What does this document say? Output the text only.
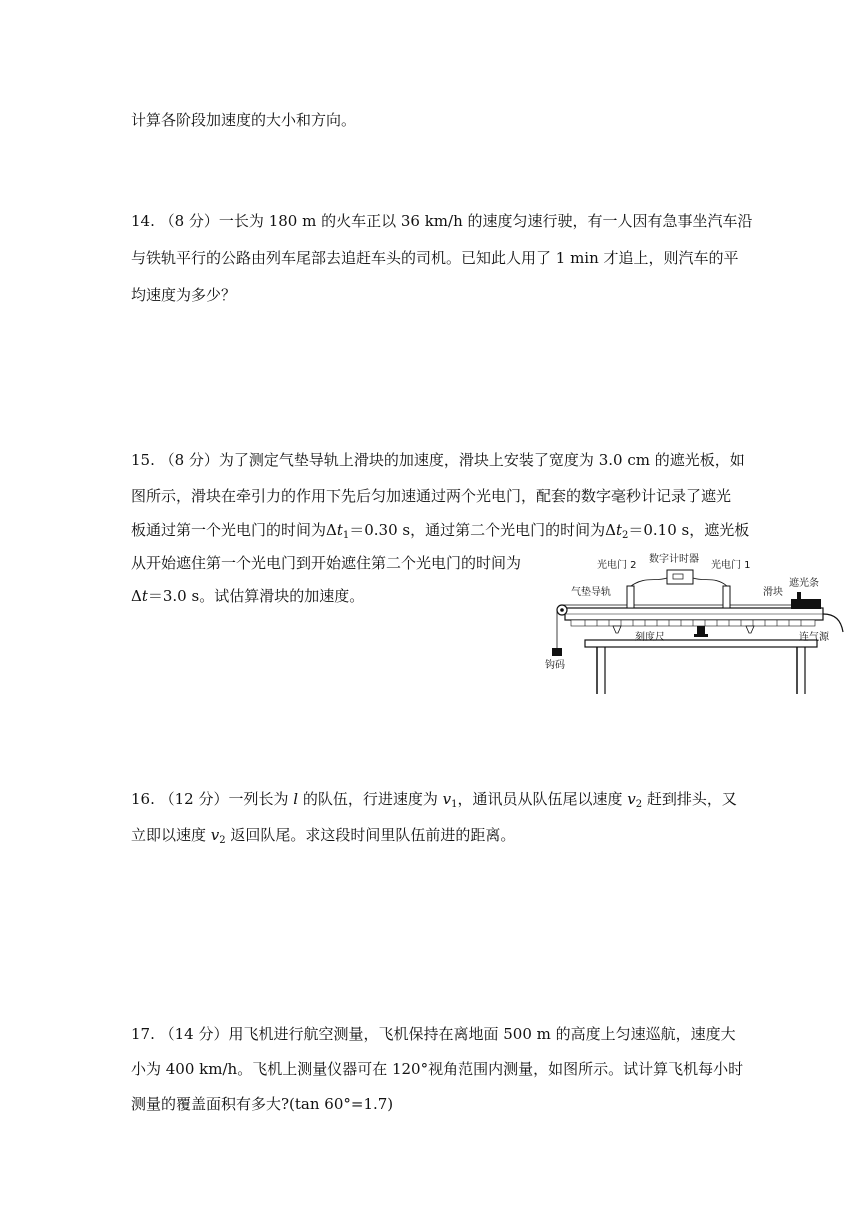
计算各阶段加速度的大小和方向。
14. （8 分）一长为 180 m 的火车正以 36 km/h 的速度匀速行驶，有一人因有急事坐汽车沿
与铁轨平行的公路由列车尾部去追赶车头的司机。已知此人用了 1 min 才追上，则汽车的平
均速度为多少？
15. （8 分）为了测定气垫导轨上滑块的加速度，滑块上安装了宽度为 3.0 cm 的遮光板，如
图所示，滑块在牵引力的作用下先后匀加速通过两个光电门，配套的数字毫秒计记录了遮光
板通过第一个光电门的时间为$\Delta t_1=0.30$ s，通过第二个光电门的时间为$\Delta t_2=0.10$ s，遮光板
从开始遮住第一个光电门到开始遮住第二个光电门的时间为
Δt＝3.0 s。试估算滑块的加速度。
光电门 2
数字计时器
光电门 1
气垫导轨	滑块
遮光条
刻度尺	连气源
钩码
16. （12 分）一列长为 l 的队伍，行进速度为 $v_1$，通讯员从队伍尾以速度 $v_2$ 赶到排头，又
立即以速度 $v_2$ 返回队尾。求这段时间里队伍前进的距离。
17. （14 分）用飞机进行航空测量，飞机保持在离地面 500 m 的高度上匀速巡航，速度大
小为 400 km/h。飞机上测量仪器可在 120°视角范围内测量，如图所示。试计算飞机每小时
测量的覆盖面积有多大?(tan 60°=1.7)
